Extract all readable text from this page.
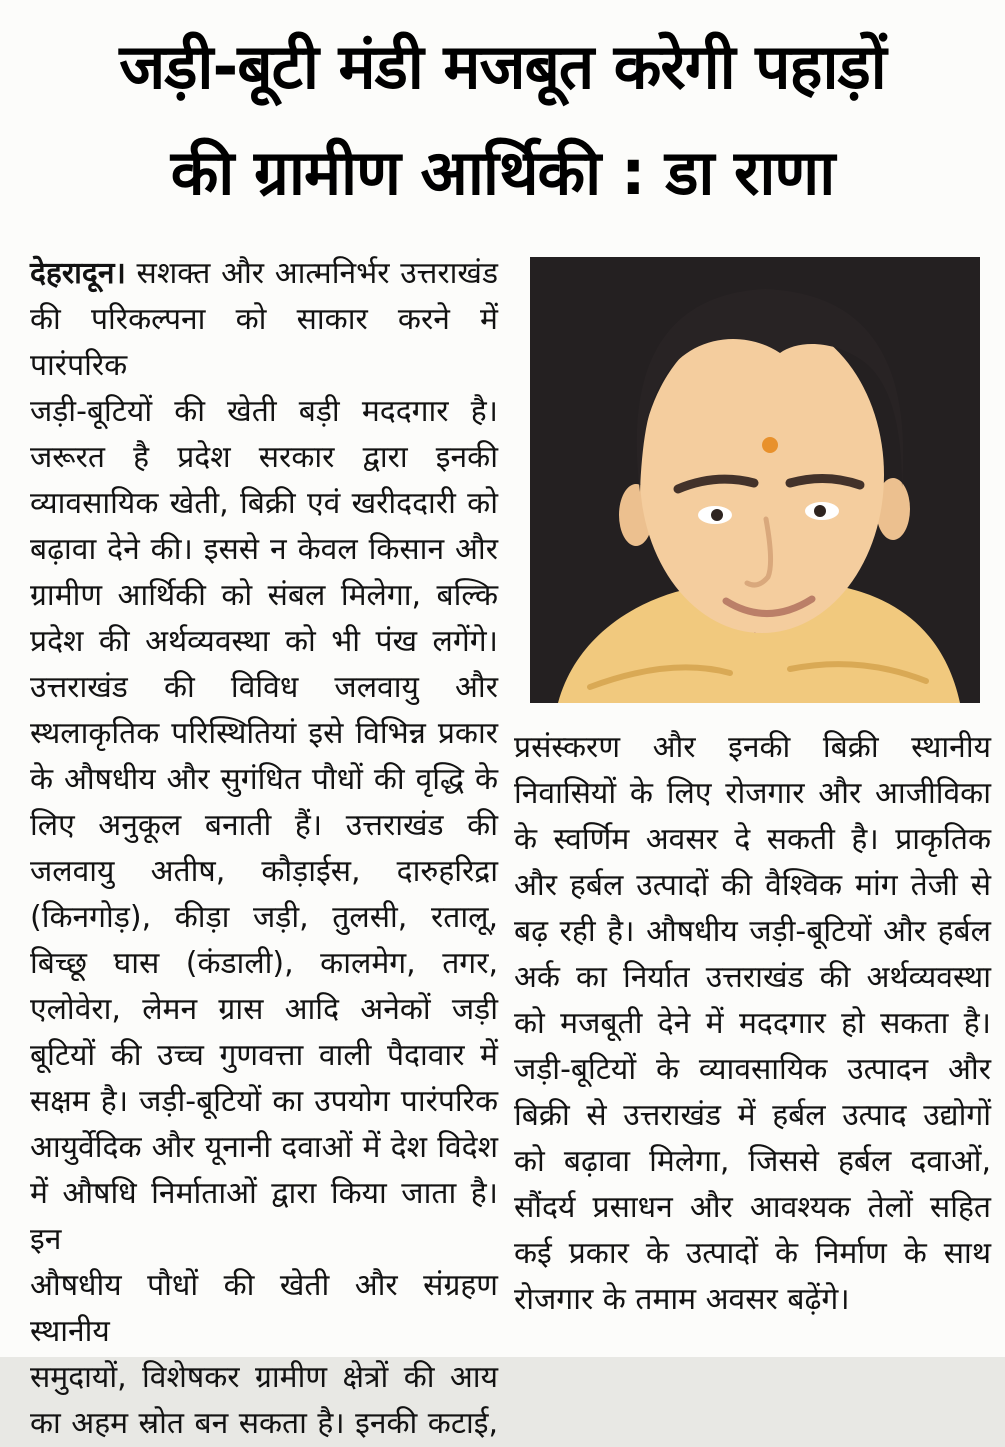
जड़ी-बूटी मंडी मजबूत करेगी पहाड़ों
की ग्रामीण आर्थिकी : डा राणा
देहरादून। सशक्त और आत्मनिर्भर उत्तराखंड
की परिकल्पना को साकार करने में पारंपरिक
जड़ी-बूटियों की खेती बड़ी मददगार है।
जरूरत है प्रदेश सरकार द्वारा इनकी
व्यावसायिक खेती, बिक्री एवं खरीददारी को
बढ़ावा देने की। इससे न केवल किसान और
ग्रामीण आर्थिकी को संबल मिलेगा, बल्कि
प्रदेश की अर्थव्यवस्था को भी पंख लगेंगे।
उत्तराखंड की विविध जलवायु और
स्थलाकृतिक परिस्थितियां इसे विभिन्न प्रकार
के औषधीय और सुगंधित पौधों की वृद्धि के
लिए अनुकूल बनाती हैं। उत्तराखंड की
जलवायु अतीष, कौड़ाईस, दारुहरिद्रा
(किनगोड़), कीड़ा जड़ी, तुलसी, रतालू,
बिच्छू घास (कंडाली), कालमेग, तगर,
एलोवेरा, लेमन ग्रास आदि अनेकों जड़ी
बूटियों की उच्च गुणवत्ता वाली पैदावार में
सक्षम है। जड़ी-बूटियों का उपयोग पारंपरिक
आयुर्वेदिक और यूनानी दवाओं में देश विदेश
में औषधि निर्माताओं द्वारा किया जाता है। इन
औषधीय पौधों की खेती और संग्रहण स्थानीय
समुदायों, विशेषकर ग्रामीण क्षेत्रों की आय
का अहम स्रोत बन सकता है। इनकी कटाई,
प्रसंस्करण और इनकी बिक्री स्थानीय
निवासियों के लिए रोजगार और आजीविका
के स्वर्णिम अवसर दे सकती है। प्राकृतिक
और हर्बल उत्पादों की वैश्विक मांग तेजी से
बढ़ रही है। औषधीय जड़ी-बूटियों और हर्बल
अर्क का निर्यात उत्तराखंड की अर्थव्यवस्था
को मजबूती देने में मददगार हो सकता है।
जड़ी-बूटियों के व्यावसायिक उत्पादन और
बिक्री से उत्तराखंड में हर्बल उत्पाद उद्योगों
को बढ़ावा मिलेगा, जिससे हर्बल दवाओं,
सौंदर्य प्रसाधन और आवश्यक तेलों सहित
कई प्रकार के उत्पादों के निर्माण के साथ
रोजगार के तमाम अवसर बढ़ेंगे।
